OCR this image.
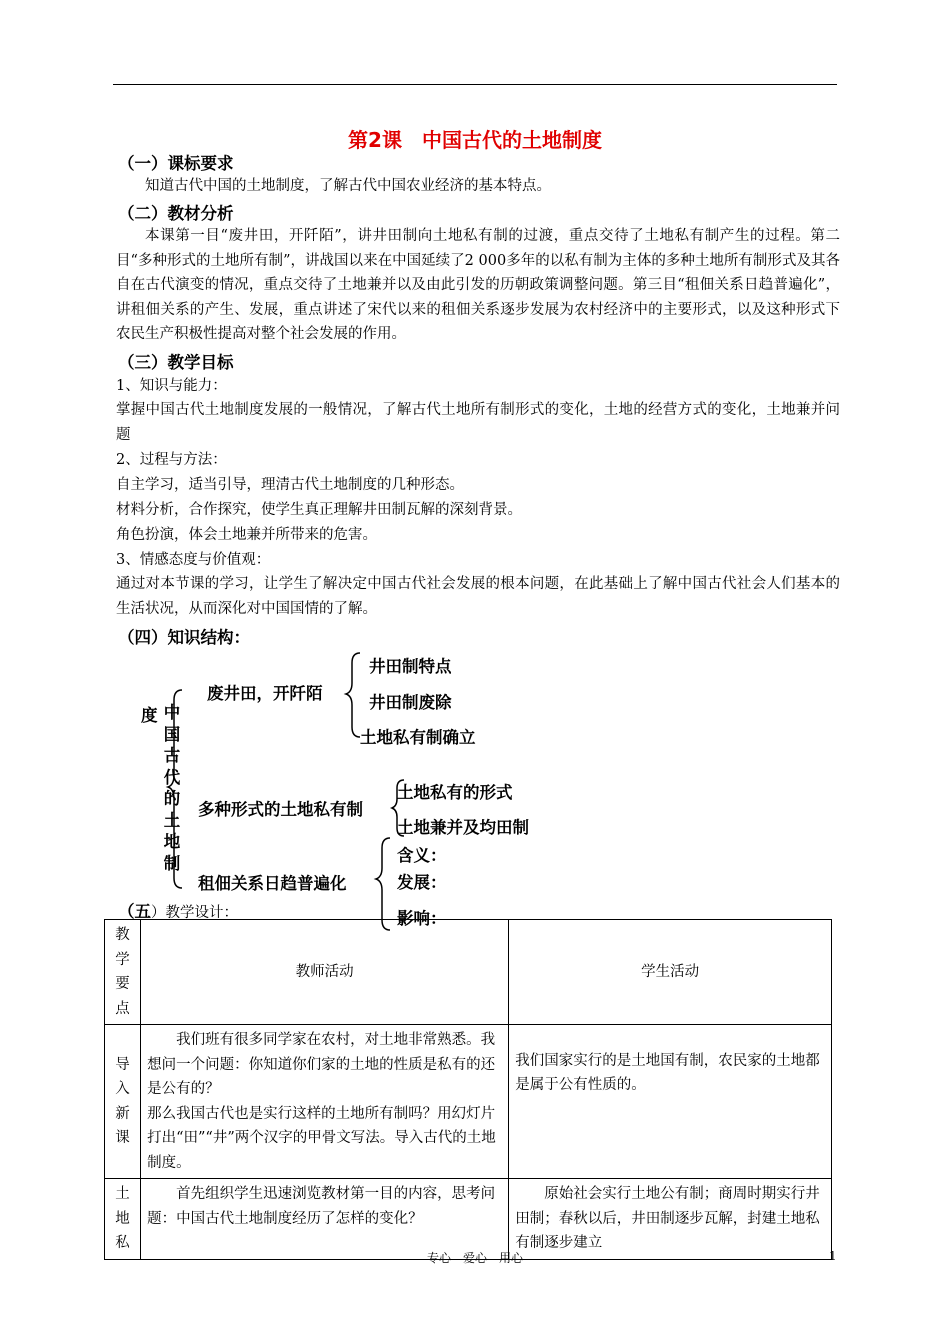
第2课　中国古代的土地制度
（一）课标要求
知道古代中国的土地制度，了解古代中国农业经济的基本特点。
（二）教材分析
本课第一目“废井田，开阡陌”，讲井田制向土地私有制的过渡，重点交待了土地私有制产生的过程。第二目“多种形式的土地所有制”，讲战国以来在中国延续了2 000多年的以私有制为主体的多种土地所有制形式及其各自在古代演变的情况，重点交待了土地兼并以及由此引发的历朝政策调整问题。第三目“租佃关系日趋普遍化”，讲租佃关系的产生、发展，重点讲述了宋代以来的租佃关系逐步发展为农村经济中的主要形式，以及这种形式下农民生产积极性提高对整个社会发展的作用。
（三）教学目标
1、知识与能力：
掌握中国古代土地制度发展的一般情况，了解古代土地所有制形式的变化，土地的经营方式的变化，土地兼并问题
2、过程与方法：
自主学习，适当引导，理清古代土地制度的几种形态。
材料分析，合作探究，使学生真正理解井田制瓦解的深刻背景。
角色扮演，体会土地兼并所带来的危害。
3、情感态度与价值观：
通过对本节课的学习，让学生了解决定中国古代社会发展的根本问题，在此基础上了解中国古代社会人们基本的生活状况，从而深化对中国国情的了解。
（四）知识结构：
度 中国古代的土地制
废井田，开阡陌
井田制特点
井田制废除
土地私有制确立
多种形式的土地私有制
土地私有的形式
土地兼并及均田制
租佃关系日趋普遍化
含义：
发展：
影响：
（五）教学设计：
教学要点	教师活动	学生活动
导入新课	我们班有很多同学家在农村，对土地非常熟悉。我想问一个问题：你知道你们家的土地的性质是私有的还是公有的？
那么我国古代也是实行这样的土地所有制吗？用幻灯片打出“田”“井”两个汉字的甲骨文写法。导入古代的土地制度。	我们国家实行的是土地国有制，农民家的土地都是属于公有性质的。
土地私	首先组织学生迅速浏览教材第一目的内容，思考问题：中国古代土地制度经历了怎样的变化？	原始社会实行土地公有制；商周时期实行井田制；春秋以后，井田制逐步瓦解，封建土地私有制逐步建立
专心　爱心　用心	1
